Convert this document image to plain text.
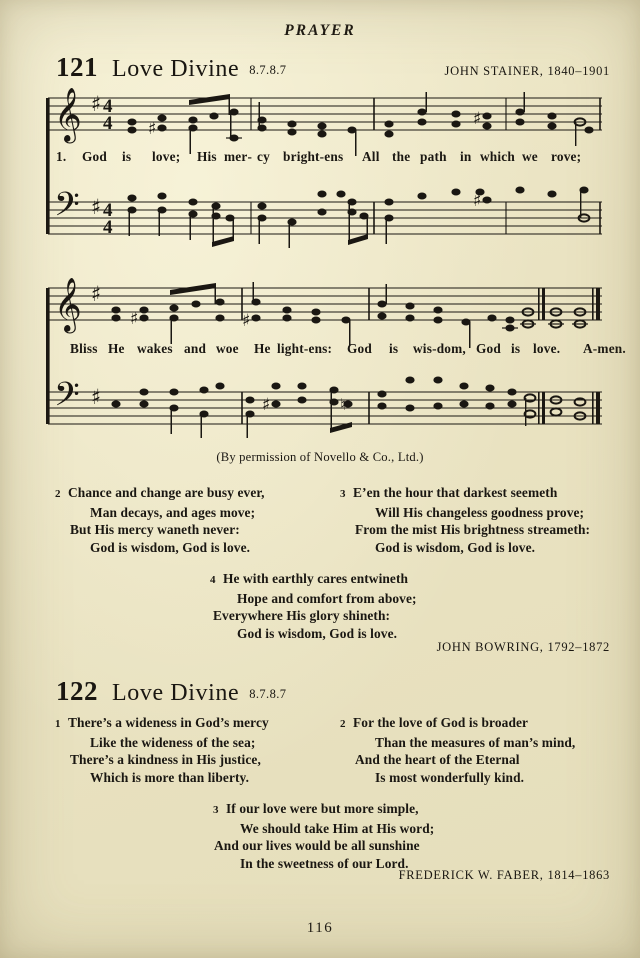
PRAYER
121 Love Divine 8.7.8.7	JOHN STAINER, 1840–1901
𝄞 ♯ 4
4 ♯	♯
𝄢 ♯ 4
4
♯
1. God is love; His mer‑ cy bright‑ens All the path in which we rove;
𝄞 ♯
♯	♯
𝄢 ♯	♯	♮
Bliss He wakes and woe He light‑ens: God is wis‑dom, God is love. A‑men.
(By permission of Novello & Co., Ltd.)
2 Chance and change are busy ever,
Man decays, and ages move;
But His mercy waneth never:
God is wisdom, God is love.
3 E’en the hour that darkest seemeth
Will His changeless goodness prove;
From the mist His brightness streameth:
God is wisdom, God is love.
4 He with earthly cares entwineth
Hope and comfort from above;
Everywhere His glory shineth:
God is wisdom, God is love.
JOHN BOWRING, 1792–1872
122 Love Divine 8.7.8.7
1 There’s a wideness in God’s mercy
Like the wideness of the sea;
There’s a kindness in His justice,
Which is more than liberty.
2 For the love of God is broader
Than the measures of man’s mind,
And the heart of the Eternal
Is most wonderfully kind.
3 If our love were but more simple,
We should take Him at His word;
And our lives would be all sunshine
In the sweetness of our Lord.
FREDERICK W. FABER, 1814–1863
116
